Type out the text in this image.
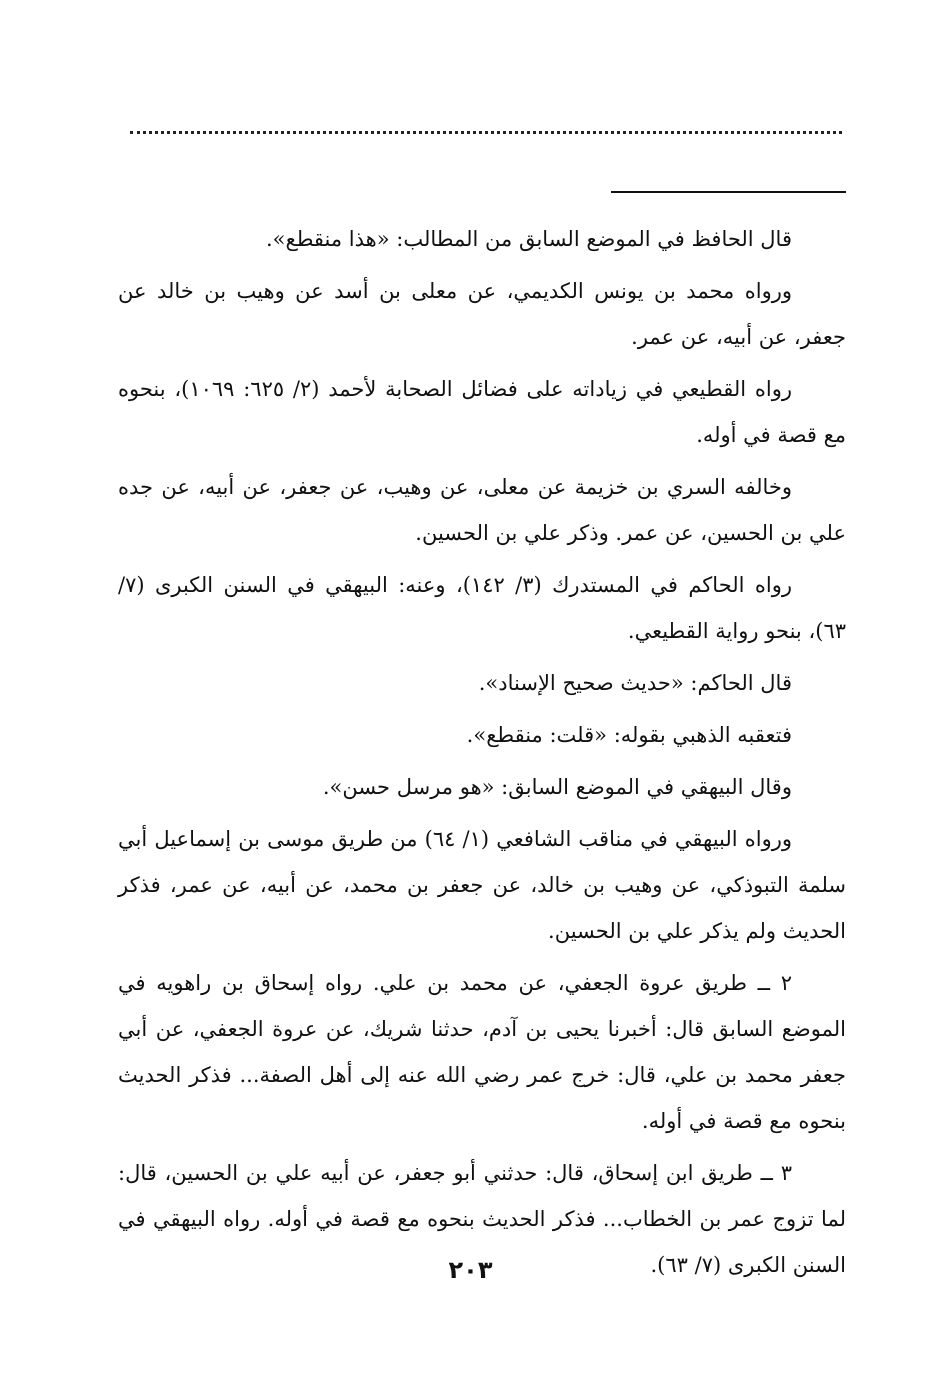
قال الحافظ في الموضع السابق من المطالب: «هذا منقطع».

ورواه محمد بن يونس الكديمي، عن معلى بن أسد عن وهيب بن خالد عن جعفر، عن أبيه، عن عمر.

رواه القطيعي في زياداته على فضائل الصحابة لأحمد (٢/ ٦٢٥: ١٠٦٩)، بنحوه مع قصة في أوله.

وخالفه السري بن خزيمة عن معلى، عن وهيب، عن جعفر، عن أبيه، عن جده علي بن الحسين، عن عمر. وذكر علي بن الحسين.

رواه الحاكم في المستدرك (٣/ ١٤٢)، وعنه: البيهقي في السنن الكبرى (٧/ ٦٣)، بنحو رواية القطيعي.

قال الحاكم: «حديث صحيح الإسناد».

فتعقبه الذهبي بقوله: «قلت: منقطع».

وقال البيهقي في الموضع السابق: «هو مرسل حسن».

ورواه البيهقي في مناقب الشافعي (١/ ٦٤) من طريق موسى بن إسماعيل أبي سلمة التبوذكي، عن وهيب بن خالد، عن جعفر بن محمد، عن أبيه، عن عمر، فذكر الحديث ولم يذكر علي بن الحسين.

٢ ــ طريق عروة الجعفي، عن محمد بن علي. رواه إسحاق بن راهويه في الموضع السابق قال: أخبرنا يحيى بن آدم، حدثنا شريك، عن عروة الجعفي، عن أبي جعفر محمد بن علي، قال: خرج عمر رضي الله عنه إلى أهل الصفة... فذكر الحديث بنحوه مع قصة في أوله.

٣ ــ طريق ابن إسحاق، قال: حدثني أبو جعفر، عن أبيه علي بن الحسين، قال: لما تزوج عمر بن الخطاب... فذكر الحديث بنحوه مع قصة في أوله. رواه البيهقي في السنن الكبرى (٧/ ٦٣).

٢٠٣
